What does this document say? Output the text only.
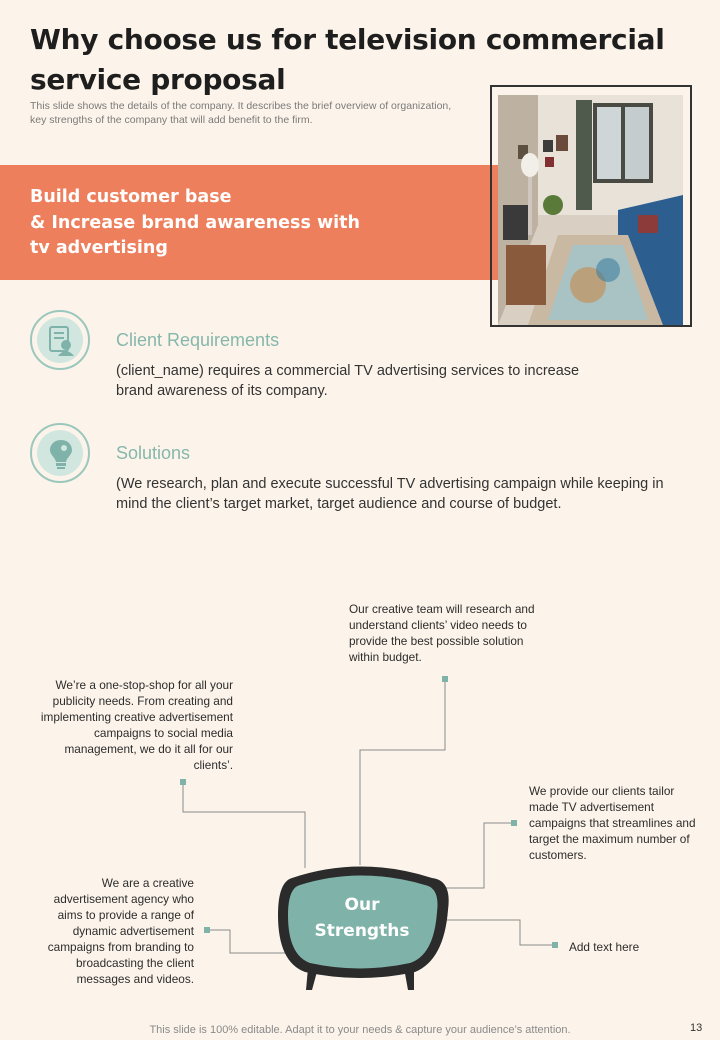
Why choose us for television commercial service proposal
This slide shows the details of the company. It describes the brief overview of organization, key strengths of the company that will add benefit to the firm.
Build customer base
& Increase brand awareness with
tv advertising
Client Requirements
(client_name) requires a commercial TV advertising services to increase brand awareness of its company.
Solutions
(We research, plan and execute successful TV advertising campaign while keeping in mind the client’s target market, target audience and course of budget.
Our
Strengths
Our creative team will research and understand clients’ video needs to provide the best possible solution within budget.
We’re a one-stop-shop for all your publicity needs. From creating and implementing creative advertisement campaigns to social media management, we do it all for our clients’.
We provide our clients tailor made TV advertisement campaigns that streamlines and target the maximum number of customers.
We are a creative advertisement agency who aims to provide a range of dynamic advertisement campaigns from branding to broadcasting the client messages and videos.
Add text here
This slide is 100% editable. Adapt it to your needs & capture your audience’s attention.	13
